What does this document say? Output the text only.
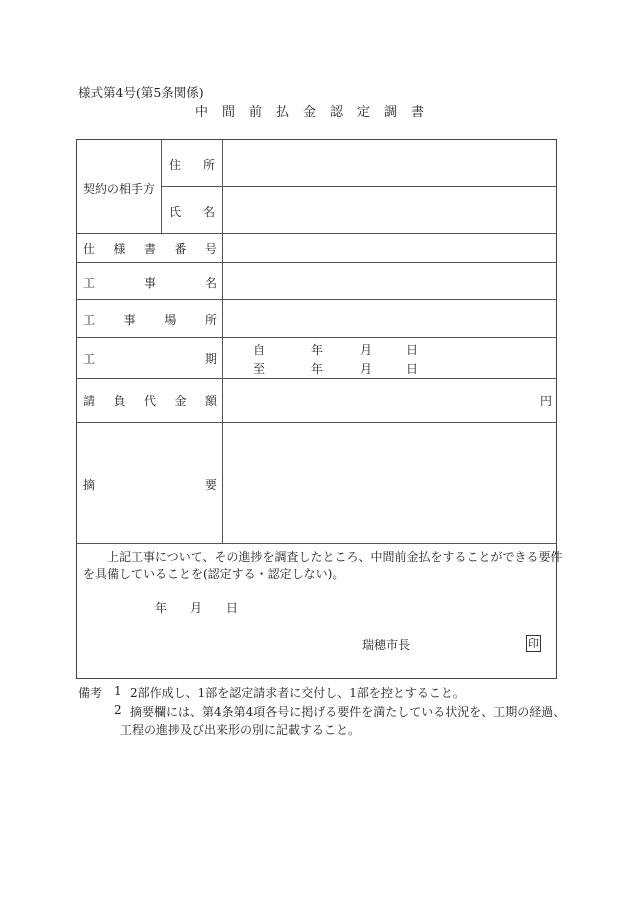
様式第4号(第5条関係)
中間前払金認定調書
契約の相手方
住 所
氏 名
仕 様 書 番 号
工	事	名
工 事 場 所
工	期
自	年	月	日
至	年	月	日
請 負 代 金 額	円
摘	要
上記工事について、その進捗を調査したところ、中間前金払をすることができる要件
を具備していることを(認定する・認定しない)。
年 月 日
瑞穂市長	印
備考 1 2部作成し、1部を認定請求者に交付し、1部を控とすること。
2 摘要欄には、第4条第4項各号に掲げる要件を満たしている状況を、工期の経過、
工程の進捗及び出来形の別に記載すること。
